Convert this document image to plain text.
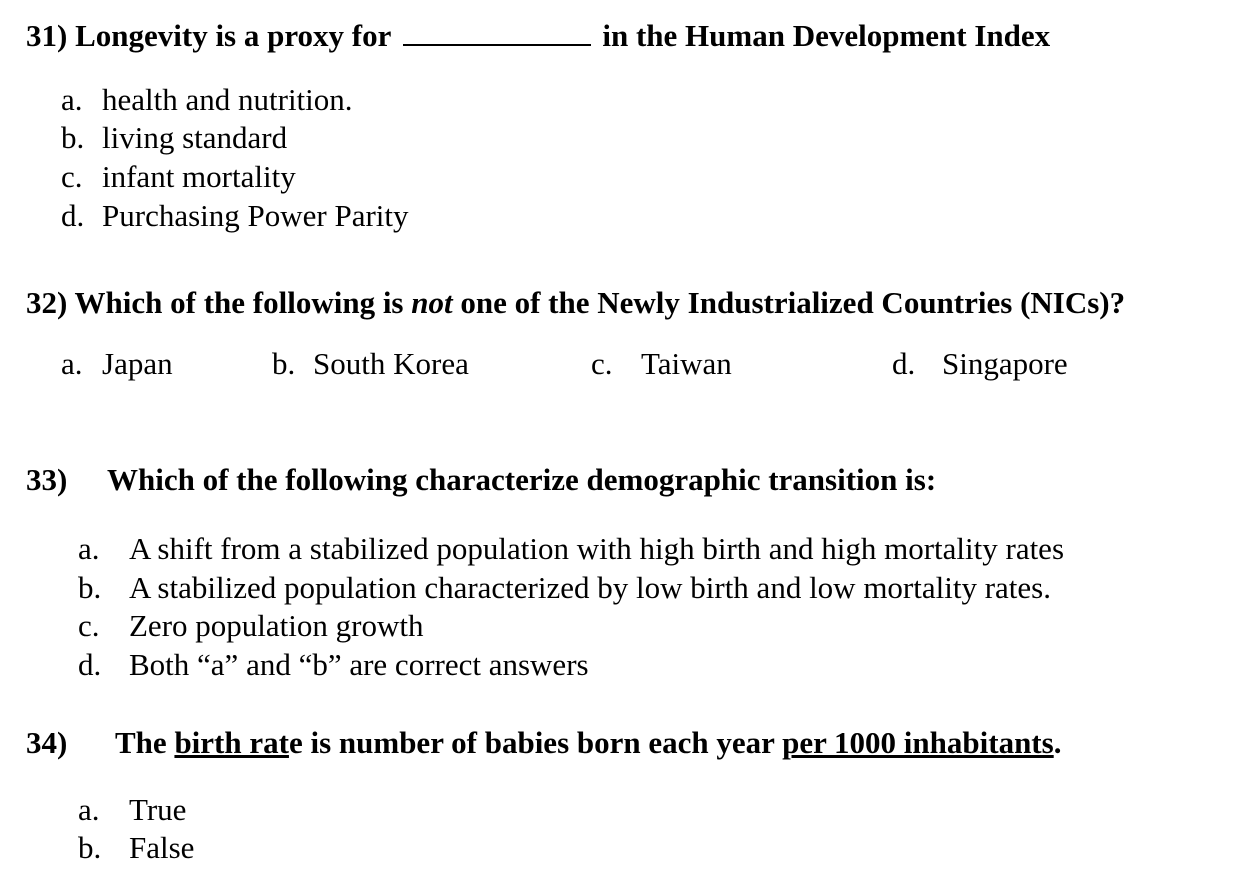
31) Longevity is a proxy for	in the Human Development Index
a. health and nutrition.
b. living standard
c. infant mortality
d. Purchasing Power Parity
32) Which of the following is not one of the Newly Industrialized Countries (NICs)?
a. Japan	b. South Korea	c. Taiwan	d. Singapore
33) Which of the following characterize demographic transition is:
a. A shift from a stabilized population with high birth and high mortality rates
b. A stabilized population characterized by low birth and low mortality rates.
c. Zero population growth
d. Both “a” and “b” are correct answers
34) The birth rate is number of babies born each year per 1000 inhabitants.
a. True
b. False
